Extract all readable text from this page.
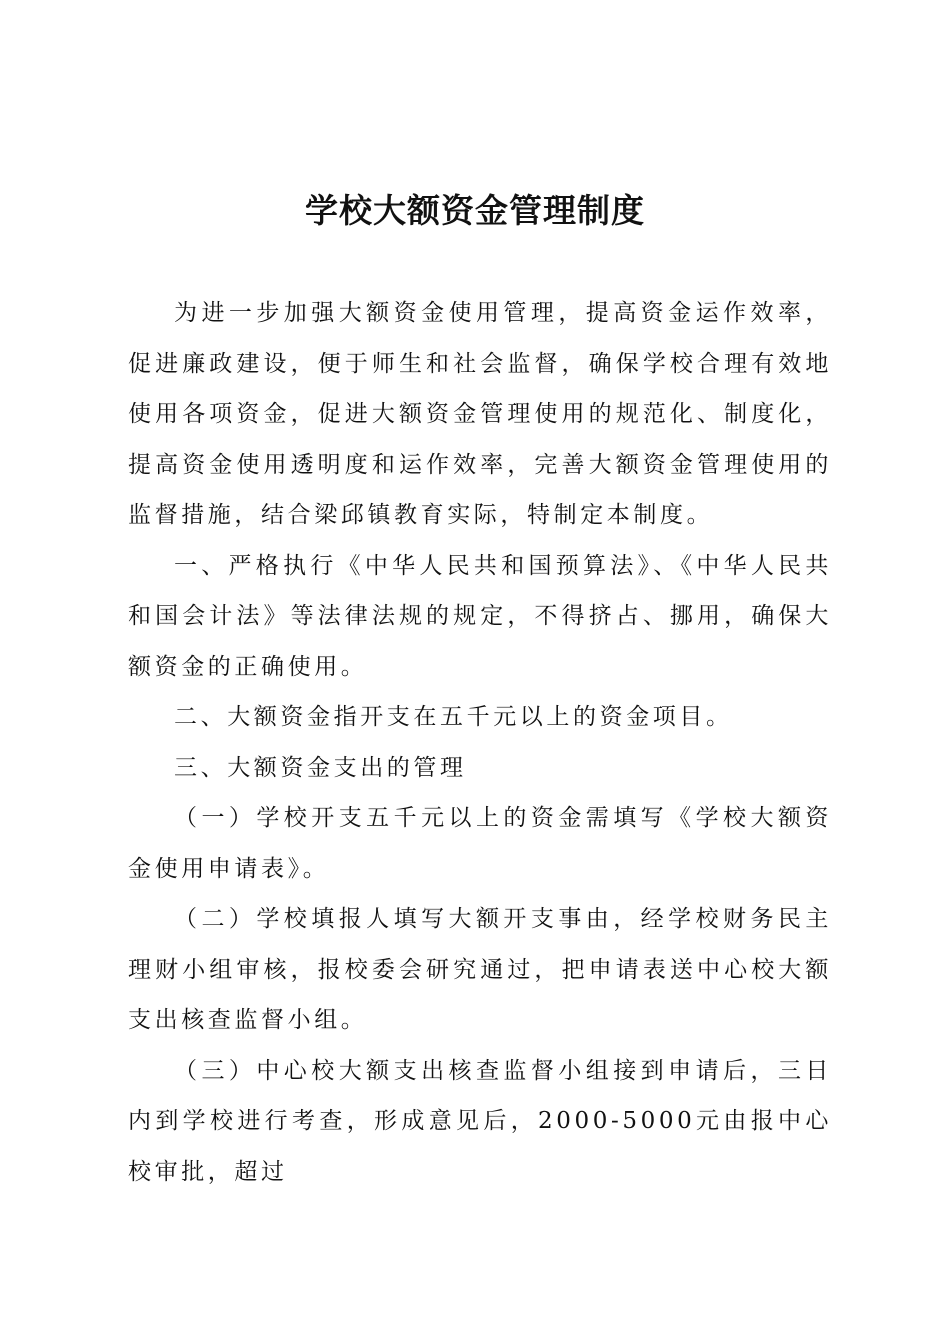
学校大额资金管理制度

为进一步加强大额资金使用管理，提高资金运作效率，促进廉政建设，便于师生和社会监督，确保学校合理有效地使用各项资金，促进大额资金管理使用的规范化、制度化，提高资金使用透明度和运作效率，完善大额资金管理使用的监督措施，结合梁邱镇教育实际，特制定本制度。

一、严格执行《中华人民共和国预算法》、《中华人民共和国会计法》等法律法规的规定，不得挤占、挪用，确保大额资金的正确使用。

二、大额资金指开支在五千元以上的资金项目。

三、大额资金支出的管理

（一）学校开支五千元以上的资金需填写《学校大额资金使用申请表》。

（二）学校填报人填写大额开支事由，经学校财务民主理财小组审核，报校委会研究通过，把申请表送中心校大额支出核查监督小组。

（三）中心校大额支出核查监督小组接到申请后，三日内到学校进行考查，形成意见后，2000-5000元由报中心校审批，超过
